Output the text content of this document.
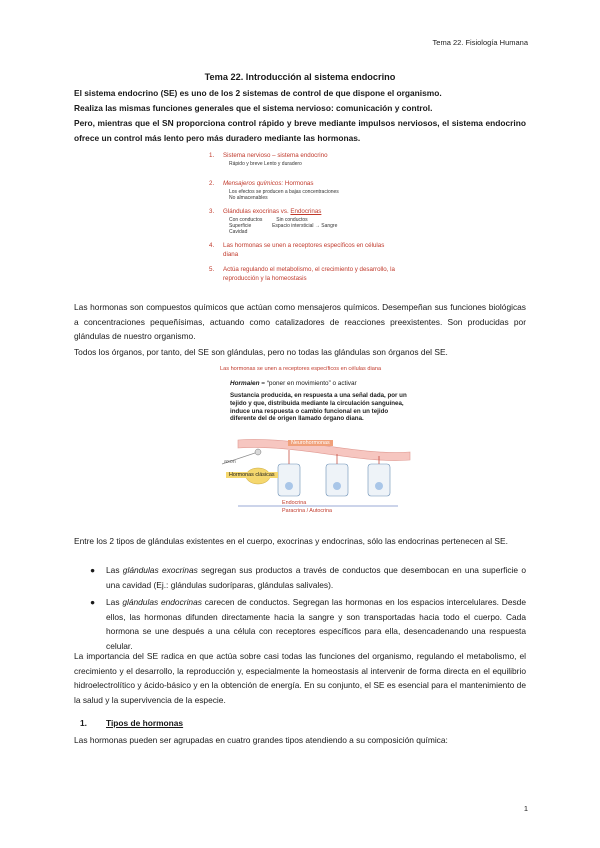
Tema 22. Fisiología Humana
Tema 22. Introducción al sistema endocrino

El sistema endocrino (SE) es uno de los 2 sistemas de control de que dispone el organismo.

Realiza las mismas funciones generales que el sistema nervioso: comunicación y control.

Pero, mientras que el SN proporciona control rápido y breve mediante impulsos nerviosos, el sistema endocrino ofrece un control más lento pero más duradero mediante las hormonas.

1. Sistema nervioso – sistema endocrino
Rápido y breve Lento y duradero
2. Mensajeros químicos: Hormonas
Los efectos se producen a bajas concentraciones
No almacenables
3. Glándulas exocrinas vs. Endocrinas
Con conductos          Sin conductos
Superficie               Espacio intersticial → Sangre
Cavidad
4. Las hormonas se unen a receptores específicos en células diana
5. Actúa regulando el metabolismo, el crecimiento y desarrollo, la reproducción y la homeostasis

Las hormonas son compuestos químicos que actúan como mensajeros químicos. Desempeñan sus funciones biológicas a concentraciones pequeñísimas, actuando como catalizadores de reacciones preexistentes. Son producidas por glándulas de nuestro organismo.

Todos los órganos, por tanto, del SE son glándulas, pero no todas las glándulas son órganos del SE.

Las hormonas se unen a receptores específicos en células diana
Hormaien = “poner en movimiento” o activar
Sustancia producida, en respuesta a una señal dada, por un tejido y que, distribuida mediante la circulación sanguínea, induce una respuesta o cambio funcional en un tejido diferente del de origen llamado órgano diana.
axon
Neurohormonas
Hormonas clásicas
Endocrina
Paracrina / Autocrina

Entre los 2 tipos de glándulas existentes en el cuerpo, exocrinas y endocrinas, sólo las endocrinas pertenecen al SE.

● Las glándulas exocrinas segregan sus productos a través de conductos que desembocan en una superficie o una cavidad (Ej.: glándulas sudoríparas, glándulas salivales).
● Las glándulas endocrinas carecen de conductos. Segregan las hormonas en los espacios intercelulares. Desde ellos, las hormonas difunden directamente hacia la sangre y son transportadas hacia todo el cuerpo. Cada hormona se une después a una célula con receptores específicos para ella, desencadenando una respuesta celular.

La importancia del SE radica en que actúa sobre casi todas las funciones del organismo, regulando el metabolismo, el crecimiento y el desarrollo, la reproducción y, especialmente la homeostasis al intervenir de forma directa en el equilibrio hidroelectrolítico y ácido-básico y en la obtención de energía. En su conjunto, el SE es esencial para el mantenimiento de la salud y la supervivencia de la especie.

1. Tipos de hormonas

Las hormonas pueden ser agrupadas en cuatro grandes tipos atendiendo a su composición química:

1
